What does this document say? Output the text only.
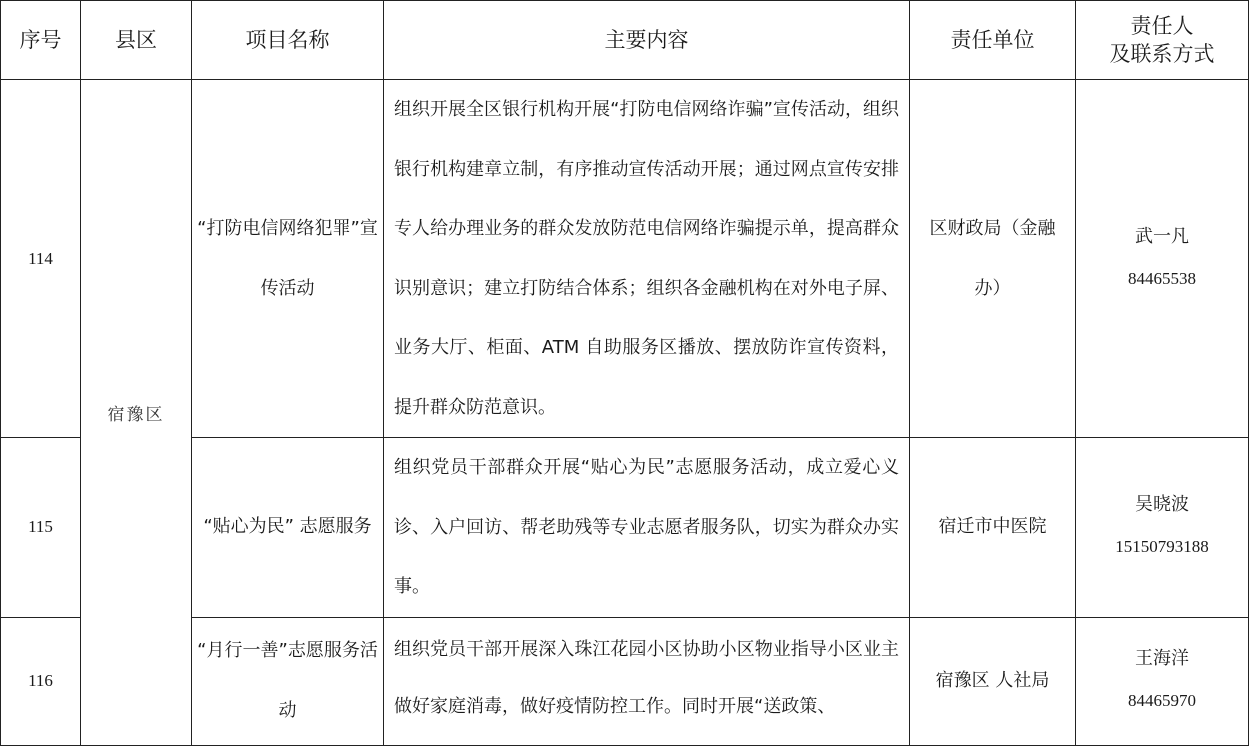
序号	县区	项目名称	主要内容	责任单位	责任人
及联系方式

114	宿豫区	“打防电信网络犯罪”宣传活动	组织开展全区银行机构开展“打防电信网络诈骗”宣传活动，组织银行机构建章立制，有序推动宣传活动开展；通过网点宣传安排专人给办理业务的群众发放防范电信网络诈骗提示单，提高群众识别意识；建立打防结合体系；组织各金融机构在对外电子屏、业务大厅、柜面、ATM 自助服务区播放、摆放防诈宣传资料，提升群众防范意识。	区财政局（金融办）	武一凡
84465538

115		“贴心为民” 志愿服务	组织党员干部群众开展“贴心为民”志愿服务活动，成立爱心义诊、入户回访、帮老助残等专业志愿者服务队，切实为群众办实事。	宿迁市中医院	吴晓波
15150793188

116		“月行一善”志愿服务活动	组织党员干部开展深入珠江花园小区协助小区物业指导小区业主做好家庭消毒，做好疫情防控工作。同时开展“送政策、	宿豫区 人社局	王海洋
84465970
